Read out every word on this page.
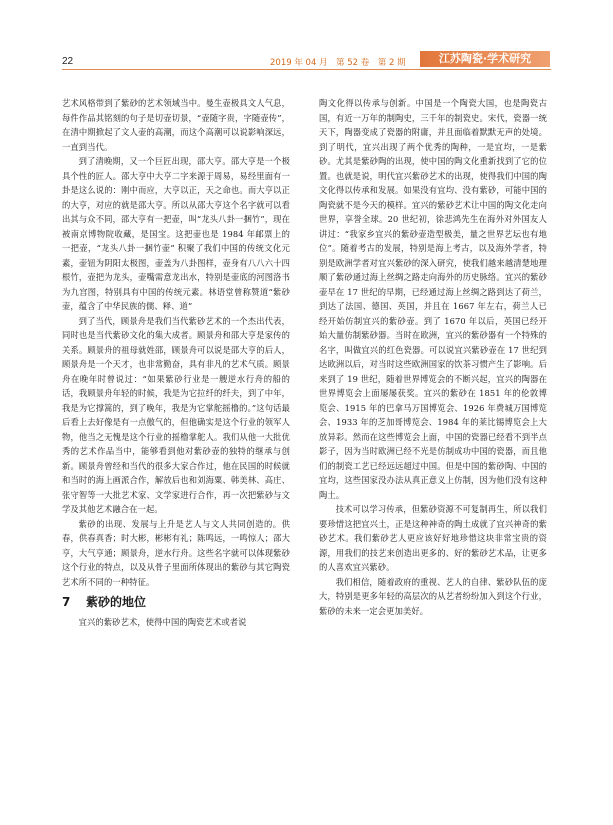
22	2019 年 04 月　第 52 卷　第 2 期	江苏陶瓷·学术研究

艺术风格带到了紫砂的艺术领域当中。曼生壶极具文人气息，每件作品其铭刻的句子是切壶切景，“壶随字贵，字随壶传”，在清中期掀起了文人壶的高潮，而这个高潮可以说影响深远，一直到当代。

到了清晚期，又一个巨匠出现，邵大亨。邵大亨是一个极具个性的匠人。邵大亨中大亨二字来源于周易，易经里面有一卦是这么说的：刚中而应，大亨以正，天之命也。而大亨以正的大亨，对应的就是邵大亨。所以从邵大亨这个名字就可以看出其与众不同，邵大亨有一把壶，叫“龙头八卦一捆竹”，现在被南京博物院收藏，是国宝。这把壶也是 1984 年邮票上的一把壶，“龙头八卦一捆竹壶” 积聚了我们中国的传统文化元素，壶钮为阴阳太极图，壶盖为八卦图样，壶身有八八六十四根竹，壶把为龙头，壶嘴需意龙出水，特别是壶底的河图洛书为九宫图，特别具有中国的传统元素。林语堂曾称赞道“紫砂壶，蕴含了中华民族的儒、释、道”

到了当代，顾景舟是我们当代紫砂艺术的一个杰出代表，同时也是当代紫砂文化的集大成者。顾景舟和邵大亨是家传的关系。顾景舟的祖母就姓邵，顾景舟可以说是邵大亨的后人，顾景舟是一个天才，也非常勤奋，具有非凡的艺术气质。顾景舟在晚年时曾说过：“如果紫砂行业是一艘逆水行舟的船的话，我顾景舟年轻的时候，我是为它拉纤的纤夫，到了中年，我是为它撑篙的，到了晚年，我是为它掌舵摇橹的。”这句话最后看上去好像是有一点傲气的，但他确实是这个行业的领军人物，他当之无愧是这个行业的摇橹掌舵人。我们从他一大批优秀的艺术作品当中，能够看到他对紫砂壶的独特的继承与创新。顾景舟曾经和当代的很多大家合作过，他在民国的时候就和当时的海上画派合作，解放后也和刘海粟、韩美林、高庄、张守智等一大批艺术家、文学家进行合作，再一次把紫砂与文学及其他艺术融合在一起。

紫砂的出现、发展与上升是艺人与文人共同创造的。供春，供春真香；时大彬，彬彬有礼；陈鸣远，一鸣惊人；邵大亨，大气亨通；顾景舟，逆水行舟。这些名字就可以体现紫砂这个行业的特点，以及从骨子里面所体现出的紫砂与其它陶瓷艺术所不同的一种特征。

7 紫砂的地位

宜兴的紫砂艺术，使得中国的陶瓷艺术或者说

陶文化得以传承与创新。中国是一个陶瓷大国，也是陶瓷古国，有近一万年的制陶史，三千年的制瓷史。宋代，瓷器一统天下，陶器变成了瓷器的附庸，并且面临着默默无声的处境。到了明代，宜兴出现了两个优秀的陶种，一是宜均，一是紫砂。尤其是紫砂陶的出现，使中国的陶文化重新找到了它的位置。也就是说，明代宜兴紫砂艺术的出现，使得我们中国的陶文化得以传承和发展。如果没有宜均、没有紫砂，可能中国的陶瓷就不是今天的模样。宜兴的紫砂艺术让中国的陶文化走向世界，享誉全球。20 世纪初，徐悲鸿先生在海外对外国友人讲过：“我家乡宜兴的紫砂壶造型极美，量之世界艺坛也有地位”。随着考古的发展，特别是海上考古，以及海外学者，特别是欧洲学者对宜兴紫砂的深入研究，使我们越来越清楚地理顺了紫砂通过海上丝绸之路走向海外的历史脉络。宜兴的紫砂壶早在 17 世纪的早期，已经通过海上丝绸之路到达了荷兰，到达了法国、德国、英国，并且在 1667 年左右，荷兰人已经开始仿制宜兴的紫砂壶。到了 1670 年以后，英国已经开始大量仿制紫砂器。当时在欧洲，宜兴的紫砂器有一个特殊的名字，叫做宜兴的红色瓷器。可以说宜兴紫砂壶在 17 世纪到达欧洲以后，对当时这些欧洲国家的饮茶习惯产生了影响。后来到了 19 世纪，随着世界博览会的不断兴起，宜兴的陶器在世界博览会上面屡屡获奖。宜兴的紫砂在 1851 年的伦敦博览会、1915 年的巴拿马万国博览会、1926 年费城万国博览会、1933 年的芝加哥博览会、1984 年的莱比锡博览会上大放异彩。然而在这些博览会上面，中国的瓷器已经看不到半点影子，因为当时欧洲已经不光是仿制成功中国的瓷器，而且他们的制瓷工艺已经远远超过中国。但是中国的紫砂陶、中国的宜均，这些国家没办法从真正意义上仿制，因为他们没有这种陶土。

技术可以学习传承，但紫砂资源不可复制再生，所以我们要珍惜这把宜兴土，正是这种神奇的陶土成就了宜兴神奇的紫砂艺术。我们紫砂艺人更应该好好地珍惜这块非常宝贵的资源，用我们的技艺来创造出更多的、好的紫砂艺术品，让更多的人喜欢宜兴紫砂。

我们相信，随着政府的重视、艺人的自律、紫砂队伍的庞大，特别是更多年轻的高层次的从艺者纷纷加入到这个行业，紫砂的未来一定会更加美好。
